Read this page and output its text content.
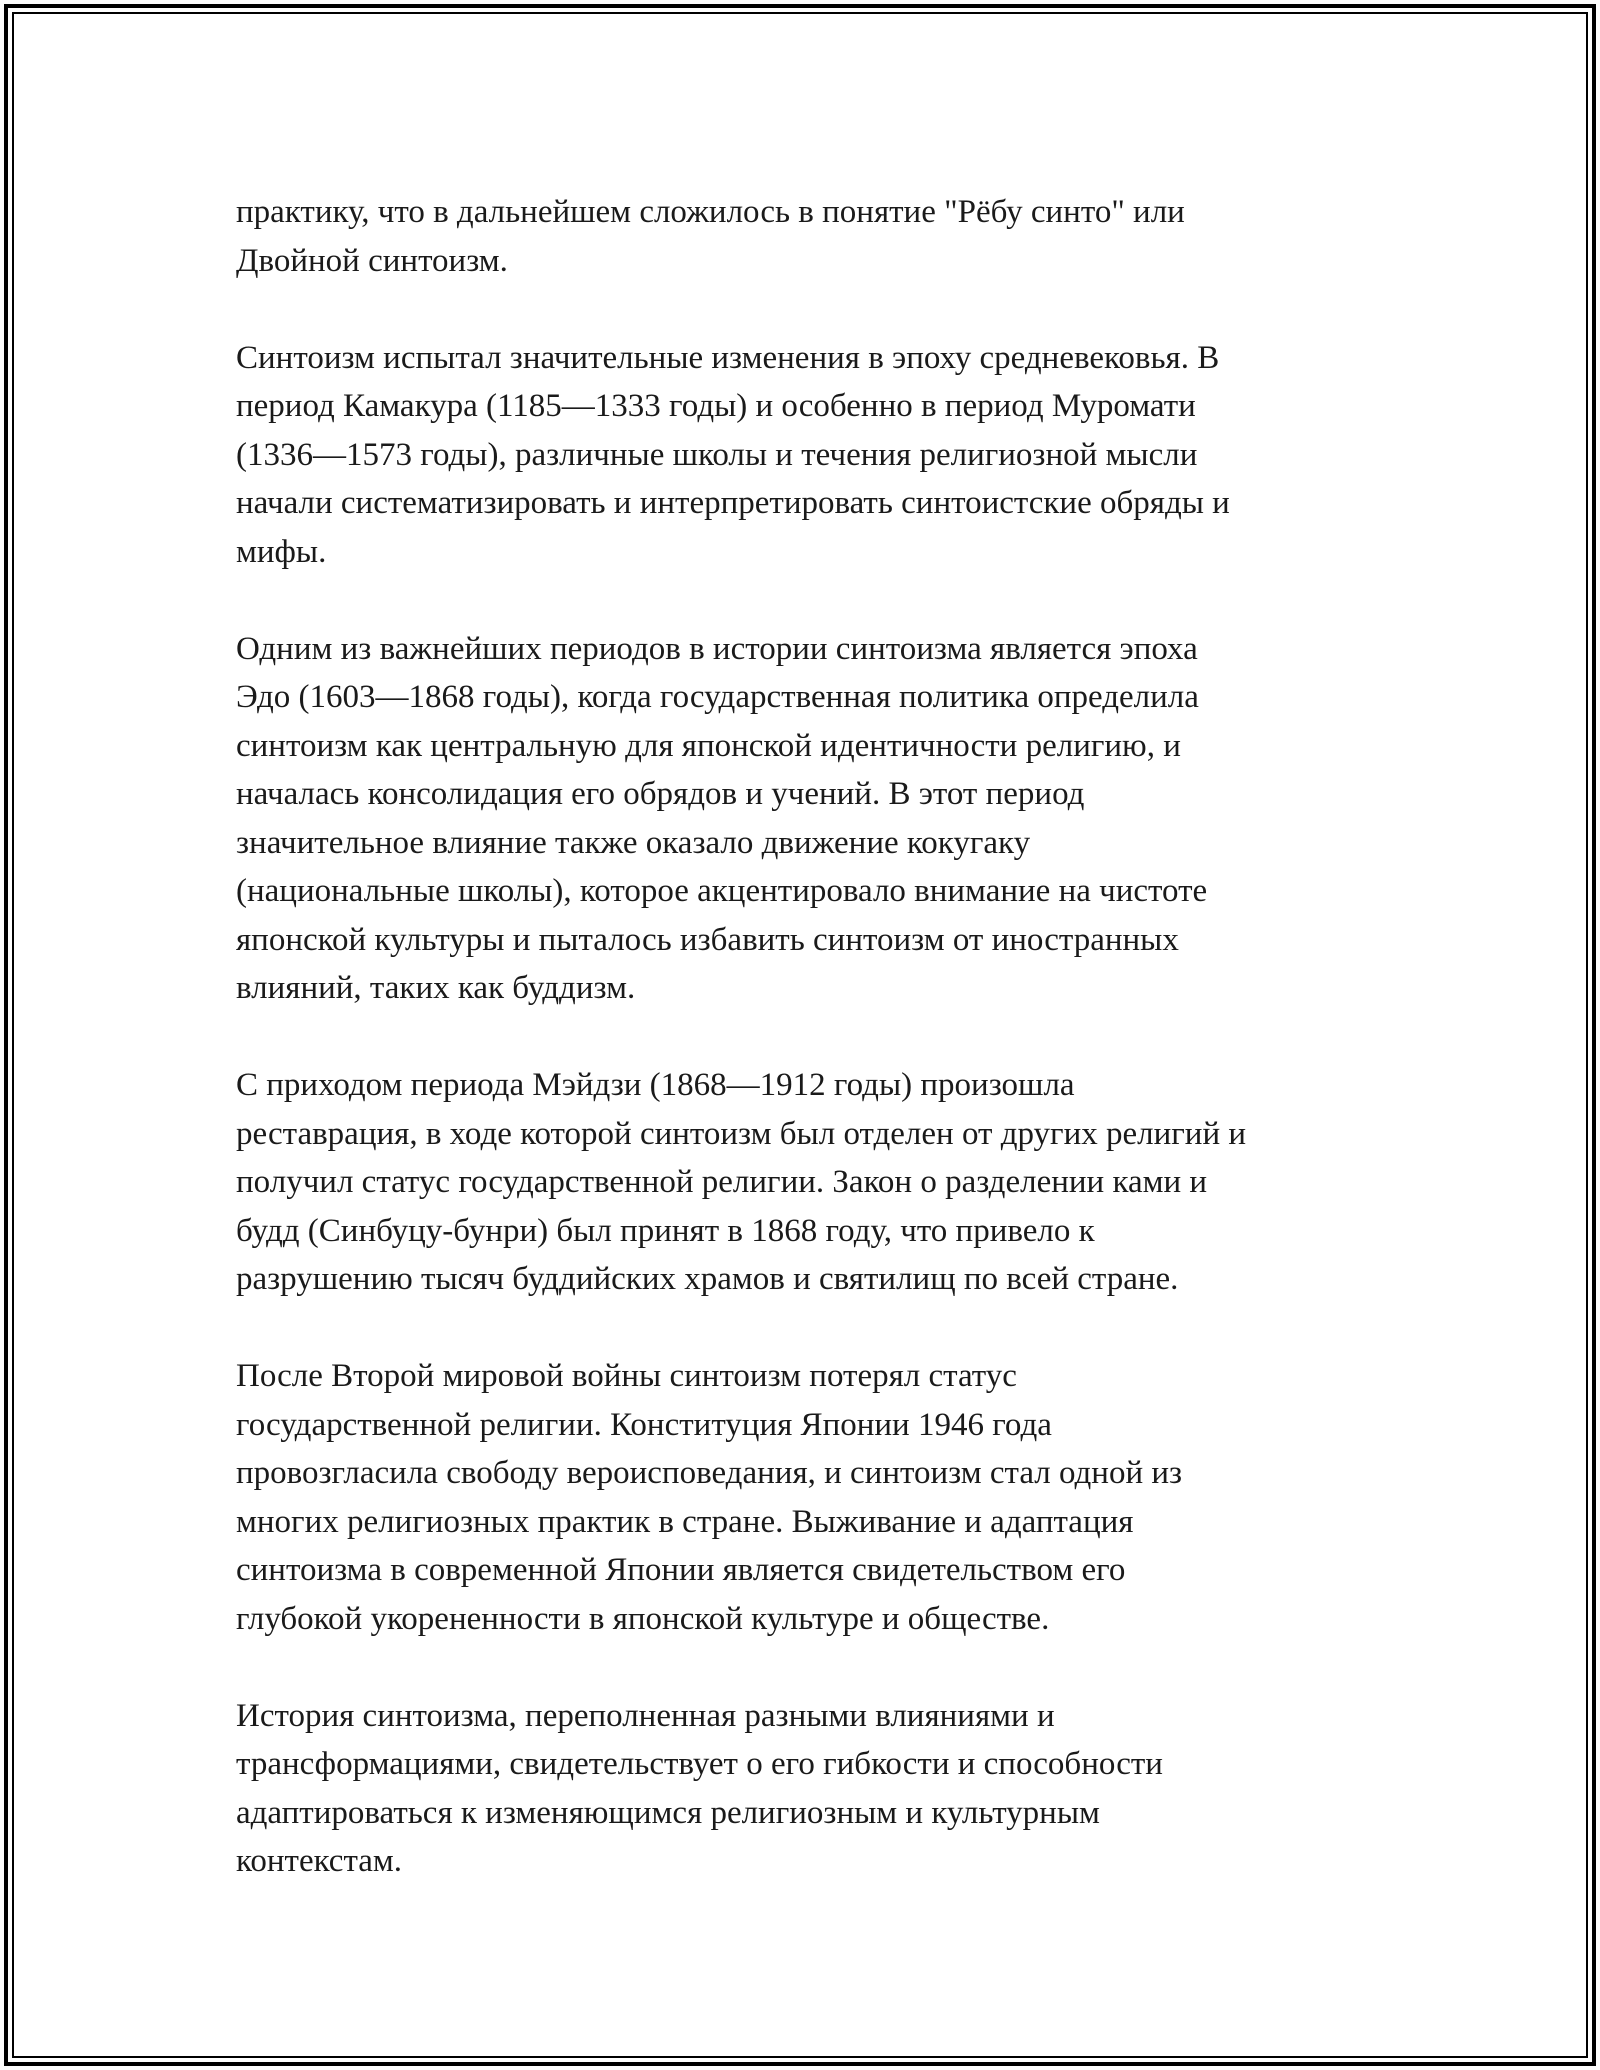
практику, что в дальнейшем сложилось в понятие "Рёбу синто" или
Двойной синтоизм.

Синтоизм испытал значительные изменения в эпоху средневековья. В
период Камакура (1185—1333 годы) и особенно в период Муромати
(1336—1573 годы), различные школы и течения религиозной мысли
начали систематизировать и интерпретировать синтоистские обряды и
мифы.

Одним из важнейших периодов в истории синтоизма является эпоха
Эдо (1603—1868 годы), когда государственная политика определила
синтоизм как центральную для японской идентичности религию, и
началась консолидация его обрядов и учений. В этот период
значительное влияние также оказало движение кокугаку
(национальные школы), которое акцентировало внимание на чистоте
японской культуры и пыталось избавить синтоизм от иностранных
влияний, таких как буддизм.

С приходом периода Мэйдзи (1868—1912 годы) произошла
реставрация, в ходе которой синтоизм был отделен от других религий и
получил статус государственной религии. Закон о разделении ками и
будд (Синбуцу-бунри) был принят в 1868 году, что привело к
разрушению тысяч буддийских храмов и святилищ по всей стране.

После Второй мировой войны синтоизм потерял статус
государственной религии. Конституция Японии 1946 года
провозгласила свободу вероисповедания, и синтоизм стал одной из
многих религиозных практик в стране. Выживание и адаптация
синтоизма в современной Японии является свидетельством его
глубокой укорененности в японской культуре и обществе.

История синтоизма, переполненная разными влияниями и
трансформациями, свидетельствует о его гибкости и способности
адаптироваться к изменяющимся религиозным и культурным
контекстам.
